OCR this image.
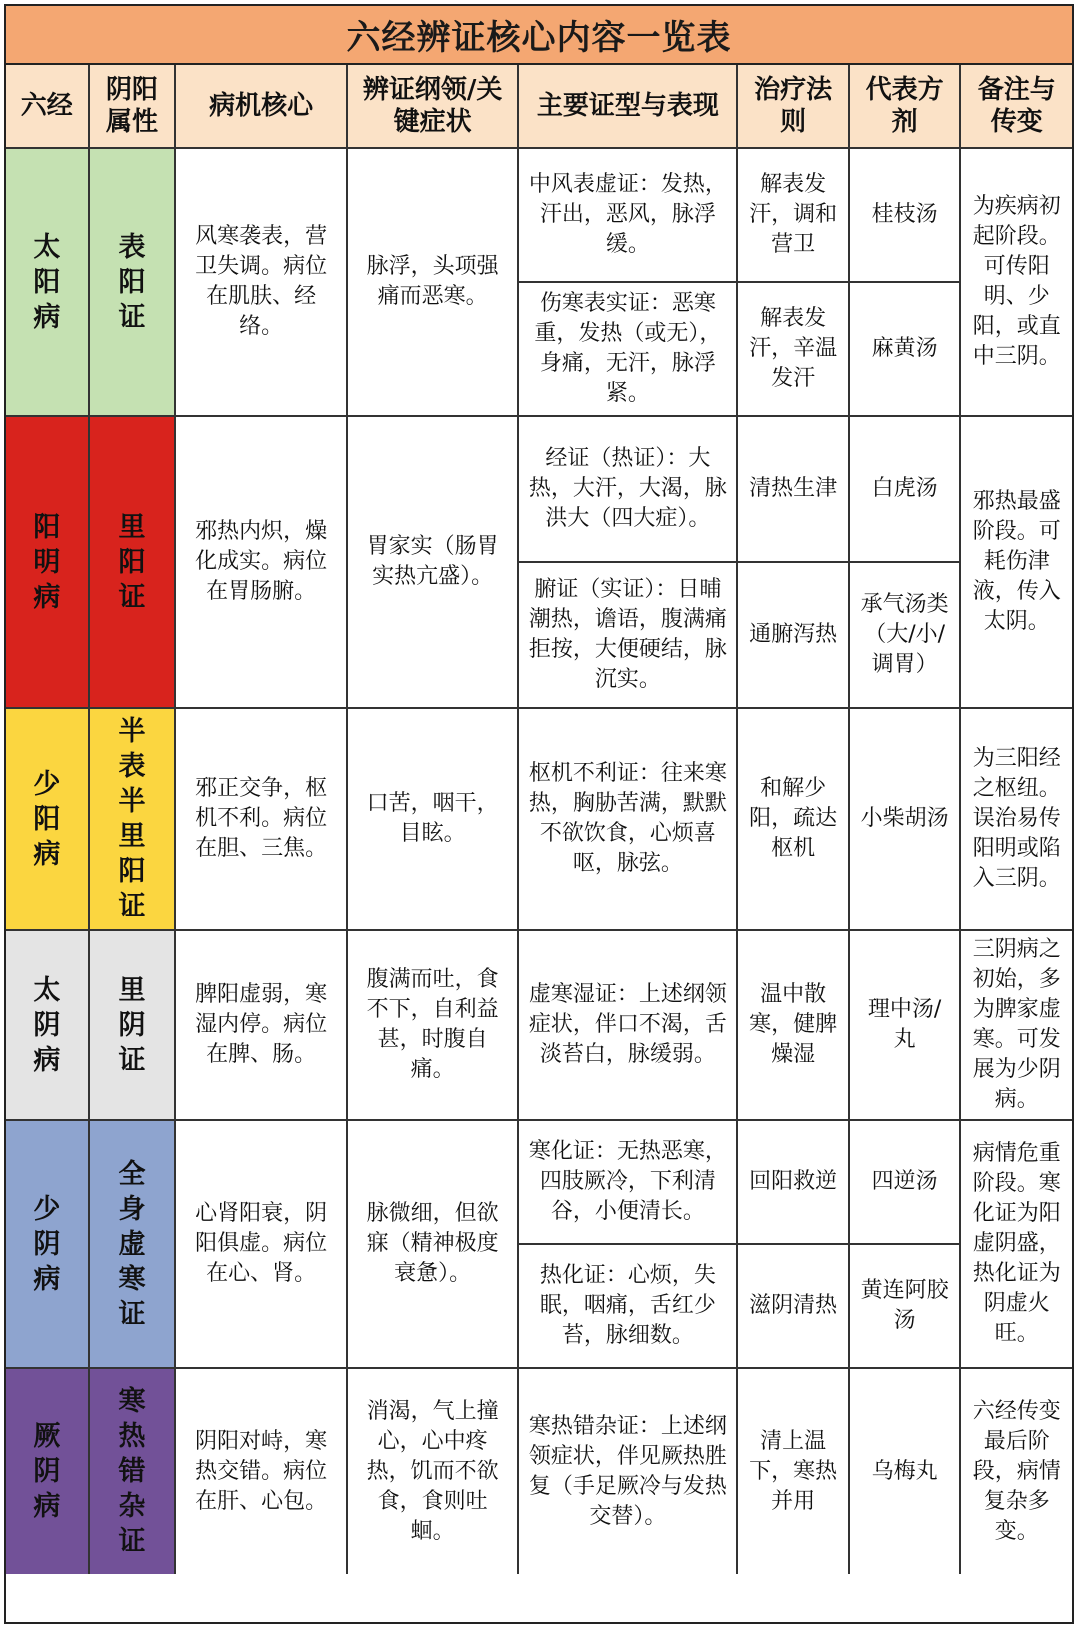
六经辨证核心内容一览表
六经	阴阳属性	病机核心	辨证纲领/关键症状	主要证型与表现	治疗法则	代表方剂	备注与传变
太阳病	表阳证	风寒袭表，营卫失调。病位在肌肤、经络。	脉浮，头项强痛而恶寒。	中风表虚证：发热，汗出，恶风，脉浮缓。	解表发汗，调和营卫	桂枝汤	为疾病初起阶段。可传阳明、少阳，或直中三阴。
				伤寒表实证：恶寒重，发热（或无），身痛，无汗，脉浮紧。	解表发汗，辛温发汗	麻黄汤	
阳明病	里阳证	邪热内炽，燥化成实。病位在胃肠腑。	胃家实（肠胃实热亢盛）。	经证（热证）：大热，大汗，大渴，脉洪大（四大症）。	清热生津	白虎汤	邪热最盛阶段。可耗伤津液，传入太阴。
				腑证（实证）：日晡潮热，谵语，腹满痛拒按，大便硬结，脉沉实。	通腑泻热	承气汤类（大/小/调胃）	
少阳病	半表半里阳证	邪正交争，枢机不利。病位在胆、三焦。	口苦，咽干，目眩。	枢机不利证：往来寒热，胸胁苦满，默默不欲饮食，心烦喜呕，脉弦。	和解少阳，疏达枢机	小柴胡汤	为三阳经之枢纽。误治易传阳明或陷入三阴。
太阴病	里阴证	脾阳虚弱，寒湿内停。病位在脾、肠。	腹满而吐，食不下，自利益甚，时腹自痛。	虚寒湿证：上述纲领症状，伴口不渴，舌淡苔白，脉缓弱。	温中散寒，健脾燥湿	理中汤/丸	三阴病之初始，多为脾家虚寒。可发展为少阴病。
少阴病	全身虚寒证	心肾阳衰，阴阳俱虚。病位在心、肾。	脉微细，但欲寐（精神极度衰惫）。	寒化证：无热恶寒，四肢厥冷，下利清谷，小便清长。	回阳救逆	四逆汤	病情危重阶段。寒化证为阳虚阴盛，热化证为阴虚火旺。
				热化证：心烦，失眠，咽痛，舌红少苔，脉细数。	滋阴清热	黄连阿胶汤	
厥阴病	寒热错杂证	阴阳对峙，寒热交错。病位在肝、心包。	消渴，气上撞心，心中疼热，饥而不欲食，食则吐蛔。	寒热错杂证：上述纲领症状，伴见厥热胜复（手足厥冷与发热交替）。	清上温下，寒热并用	乌梅丸	六经传变最后阶段，病情复杂多变。
